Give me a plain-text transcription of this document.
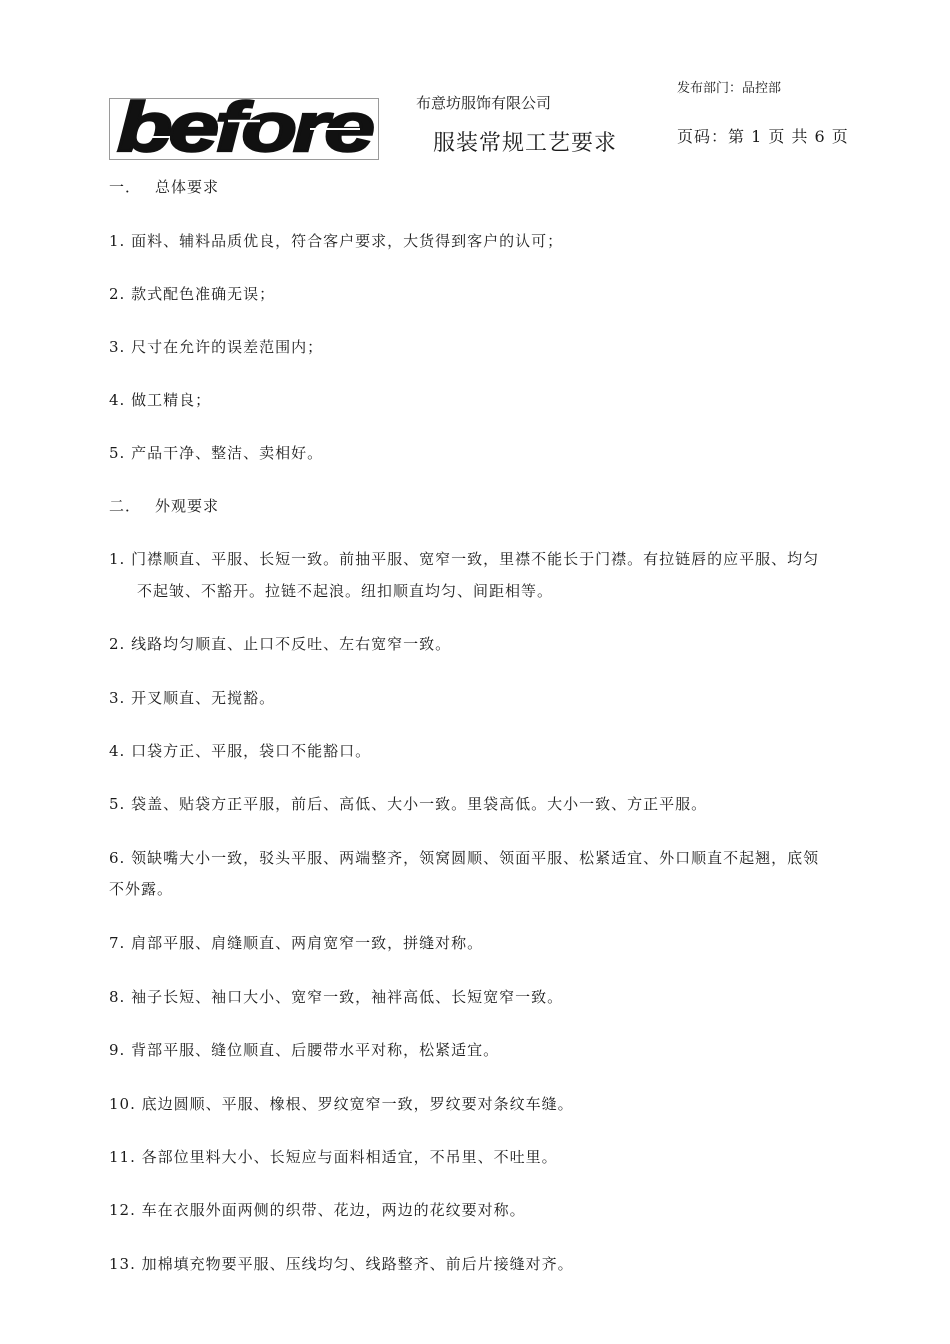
before	布意坊服饰有限公司
服装常规工艺要求
发布部门：品控部
页码：第 1 页 共 6 页
一． 总体要求
1. 面料、辅料品质优良，符合客户要求，大货得到客户的认可；
2. 款式配色准确无误；
3. 尺寸在允许的误差范围内；
4. 做工精良；
5. 产品干净、整洁、卖相好。
二． 外观要求
1. 门襟顺直、平服、长短一致。前抽平服、宽窄一致，里襟不能长于门襟。有拉链唇的应平服、均匀
不起皱、不豁开。拉链不起浪。纽扣顺直均匀、间距相等。
2. 线路均匀顺直、止口不反吐、左右宽窄一致。
3. 开叉顺直、无搅豁。
4. 口袋方正、平服，袋口不能豁口。
5. 袋盖、贴袋方正平服，前后、高低、大小一致。里袋高低。大小一致、方正平服。
6. 领缺嘴大小一致，驳头平服、两端整齐，领窝圆顺、领面平服、松紧适宜、外口顺直不起翘，底领
不外露。
7. 肩部平服、肩缝顺直、两肩宽窄一致，拼缝对称。
8. 袖子长短、袖口大小、宽窄一致，袖袢高低、长短宽窄一致。
9. 背部平服、缝位顺直、后腰带水平对称，松紧适宜。
10. 底边圆顺、平服、橡根、罗纹宽窄一致，罗纹要对条纹车缝。
11. 各部位里料大小、长短应与面料相适宜，不吊里、不吐里。
12. 车在衣服外面两侧的织带、花边，两边的花纹要对称。
13. 加棉填充物要平服、压线均匀、线路整齐、前后片接缝对齐。
